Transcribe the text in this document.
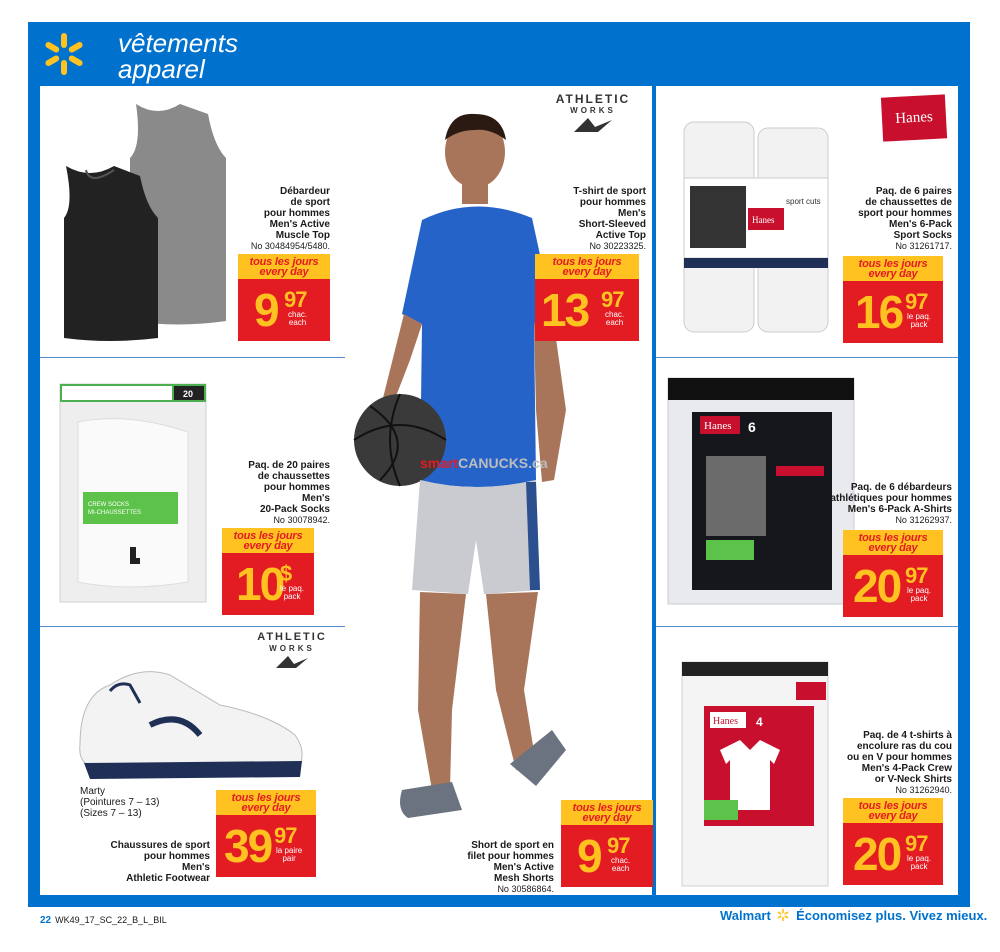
vêtements
apparel
Débardeur
de sport
pour hommes
Men's Active
Muscle Top
No 30484954/5480.
tous les jours
every day
9 97
chac.
each
20
CREW SOCKS
MI-CHAUSSETTES
Paq. de 20 paires
de chaussettes
pour hommes
Men's
20-Pack Socks
No 30078942.
tous les jours
every day
10
$
le paq.
pack
ATHLETIC
WORKS
Marty
(Pointures 7 – 13)
(Sizes 7 – 13)
Chaussures de sport
pour hommes
Men's
Athletic Footwear
tous les jours
every day
39 97
la paire
pair
ATHLETIC
WORKS
T-shirt de sport
pour hommes
Men's
Short-Sleeved
Active Top
No 30223325.
tous les jours
every day
13 97
chac.
each
smartCANUCKS.ca
Short de sport en
filet pour hommes
Men's Active
Mesh Shorts
No 30586864.
tous les jours
every day
9 97
chac.
each
Hanes
Hanes
sport cuts
Paq. de 6 paires
de chaussettes de
sport pour hommes
Men's 6-Pack
Sport Socks
No 31261717.
tous les jours
every day
16 97
le paq.
pack
Hanes 6
Paq. de 6 débardeurs
athlétiques pour hommes
Men's 6-Pack A-Shirts
No 31262937.
tous les jours
every day
20 97
le paq.
pack
Hanes 4
Paq. de 4 t-shirts à
encolure ras du cou
ou en V pour hommes
Men's 4-Pack Crew
or V-Neck Shirts
No 31262940.
tous les jours
every day
20 97
le paq.
pack
22 WK49_17_SC_22_B_L_BIL	Walmart Économisez plus. Vivez mieux.
